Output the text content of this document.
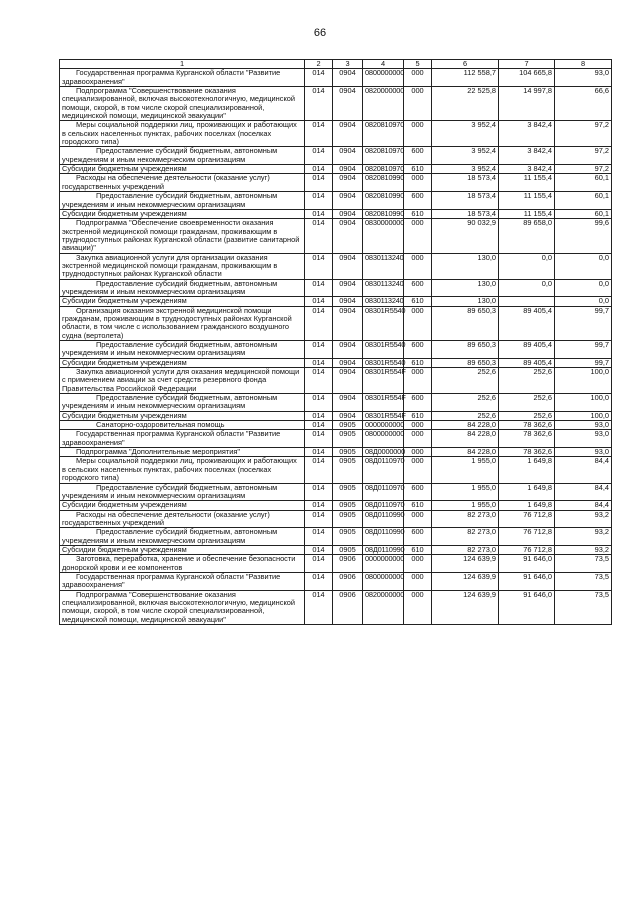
66
1	2	3	4	5	6	7	8
Государственная программа Курганской области "Развитие здравоохранения"	014	0904	0800000000	000	112 558,7	104 665,8	93,0
Подпрограмма "Совершенствование оказания специализированной, включая высокотехнологичную, медицинской помощи, скорой, в том числе скорой специализированной, медицинской помощи, медицинской эвакуации"	014	0904	0820000000	000	22 525,8	14 997,8	66,6
Меры социальной поддержки лиц, проживающих и работающих в сельских населенных пунктах, рабочих поселках (поселках городского типа)	014	0904	0820810970	000	3 952,4	3 842,4	97,2
Предоставление субсидий бюджетным, автономным учреждениям и иным некоммерческим организациям	014	0904	0820810970	600	3 952,4	3 842,4	97,2
Субсидии бюджетным учреждениям	014	0904	0820810970	610	3 952,4	3 842,4	97,2
Расходы на обеспечение деятельности (оказание услуг) государственных учреждений	014	0904	0820810990	000	18 573,4	11 155,4	60,1
Предоставление субсидий бюджетным, автономным учреждениям и иным некоммерческим организациям	014	0904	0820810990	600	18 573,4	11 155,4	60,1
Субсидии бюджетным учреждениям	014	0904	0820810990	610	18 573,4	11 155,4	60,1
Подпрограмма "Обеспечение своевременности оказания экстренной медицинской помощи гражданам, проживающим в труднодоступных районах Курганской области (развитие санитарной авиации)"	014	0904	0830000000	000	90 032,9	89 658,0	99,6
Закупка авиационной услуги для организации оказания экстренной медицинской помощи гражданам, проживающим в труднодоступных районах Курганской области	014	0904	0830113240	000	130,0	0,0	0,0
Предоставление субсидий бюджетным, автономным учреждениям и иным некоммерческим организациям	014	0904	0830113240	600	130,0	0,0	0,0
Субсидии бюджетным учреждениям	014	0904	0830113240	610	130,0		0,0
Организация оказания экстренной медицинской помощи гражданам, проживающим в труднодоступных районах Курганской области, в том числе с использованием гражданского воздушного судна (вертолета)	014	0904	08301R5540	000	89 650,3	89 405,4	99,7
Предоставление субсидий бюджетным, автономным учреждениям и иным некоммерческим организациям	014	0904	08301R5540	600	89 650,3	89 405,4	99,7
Субсидии бюджетным учреждениям	014	0904	08301R5540	610	89 650,3	89 405,4	99,7
Закупка авиационной услуги для оказания медицинской помощи с применением авиации за счет средств резервного фонда Правительства Российской Федерации	014	0904	08301R554F	000	252,6	252,6	100,0
Предоставление субсидий бюджетным, автономным учреждениям и иным некоммерческим организациям	014	0904	08301R554F	600	252,6	252,6	100,0
Субсидии бюджетным учреждениям	014	0904	08301R554F	610	252,6	252,6	100,0
Санаторно-оздоровительная помощь	014	0905	0000000000	000	84 228,0	78 362,6	93,0
Государственная программа Курганской области "Развитие здравоохранения"	014	0905	0800000000	000	84 228,0	78 362,6	93,0
Подпрограмма "Дополнительные мероприятия"	014	0905	08Д0000000	000	84 228,0	78 362,6	93,0
Меры социальной поддержки лиц, проживающих и работающих в сельских населенных пунктах, рабочих поселках (поселках городского типа)	014	0905	08Д0110970	000	1 955,0	1 649,8	84,4
Предоставление субсидий бюджетным, автономным учреждениям и иным некоммерческим организациям	014	0905	08Д0110970	600	1 955,0	1 649,8	84,4
Субсидии бюджетным учреждениям	014	0905	08Д0110970	610	1 955,0	1 649,8	84,4
Расходы на обеспечение деятельности (оказание услуг) государственных учреждений	014	0905	08Д0110990	000	82 273,0	76 712,8	93,2
Предоставление субсидий бюджетным, автономным учреждениям и иным некоммерческим организациям	014	0905	08Д0110990	600	82 273,0	76 712,8	93,2
Субсидии бюджетным учреждениям	014	0905	08Д0110990	610	82 273,0	76 712,8	93,2
Заготовка, переработка, хранение и обеспечение безопасности донорской крови и ее компонентов	014	0906	0000000000	000	124 639,9	91 646,0	73,5
Государственная программа Курганской области "Развитие здравоохранения"	014	0906	0800000000	000	124 639,9	91 646,0	73,5
Подпрограмма "Совершенствование оказания специализированной, включая высокотехнологичную, медицинской помощи, скорой, в том числе скорой специализированной, медицинской помощи, медицинской эвакуации"	014	0906	0820000000	000	124 639,9	91 646,0	73,5
